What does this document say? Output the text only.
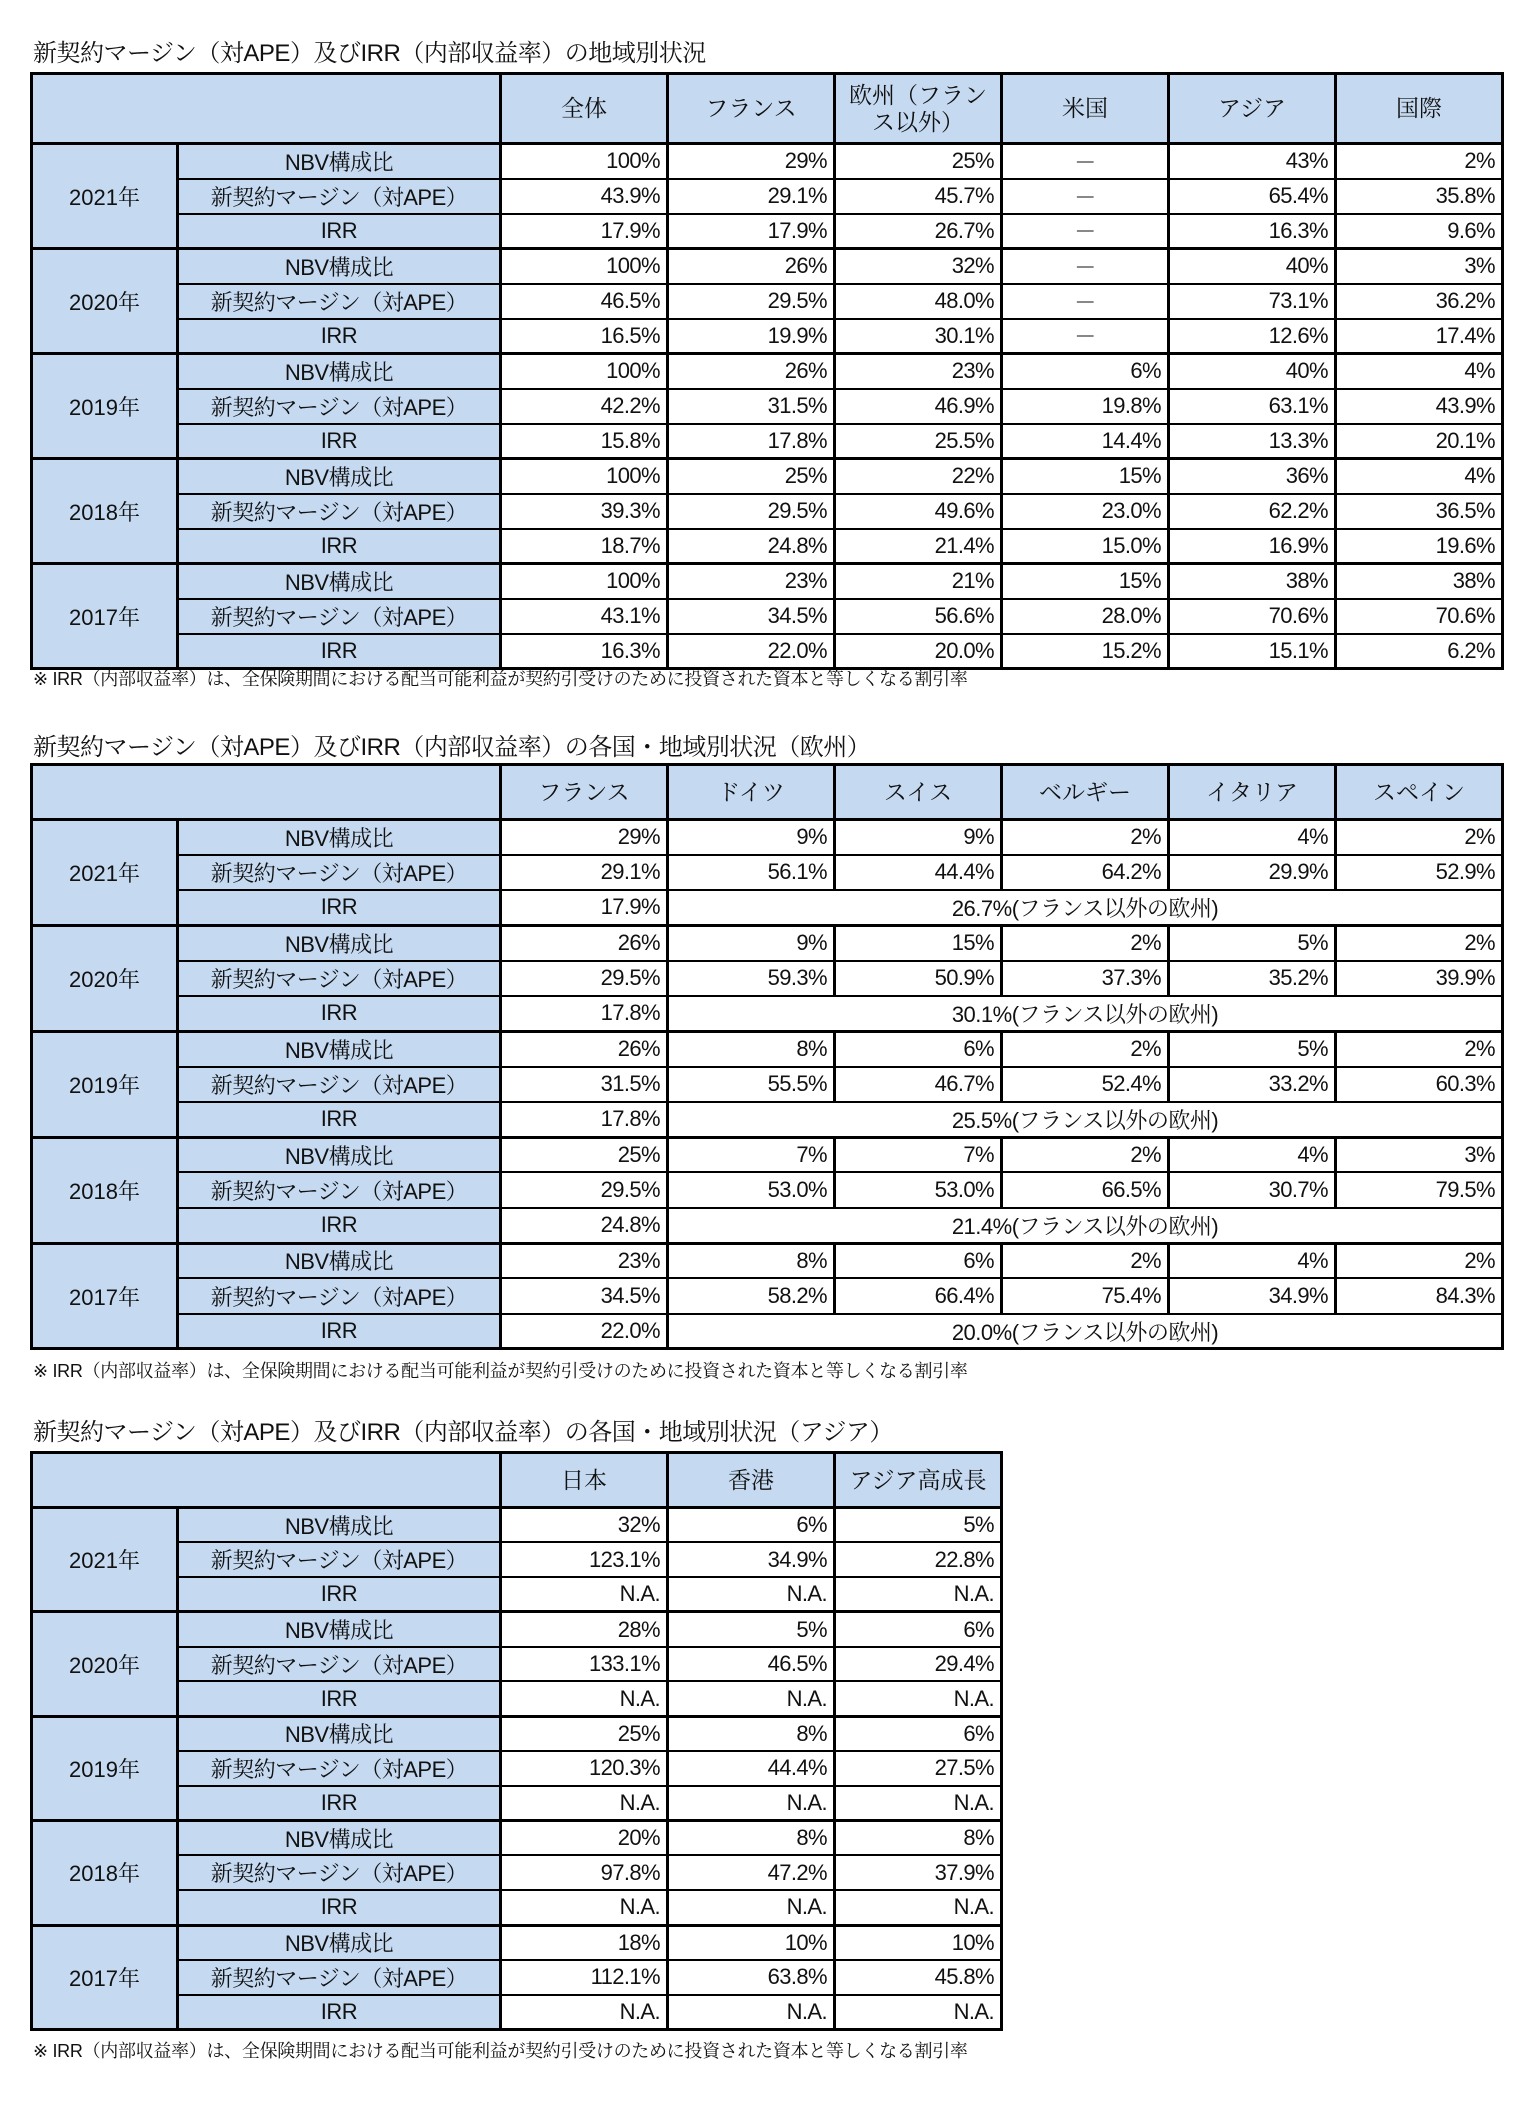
新契約マージン（対APE）及びIRR（内部収益率）の地域別状況
		全体	フランス	欧州（フランス以外）	米国	アジア	国際
2021年	NBV構成比	100%	29%	25%	－	43%	2%
	新契約マージン（対APE）	43.9%	29.1%	45.7%	－	65.4%	35.8%
	IRR	17.9%	17.9%	26.7%	－	16.3%	9.6%
2020年	NBV構成比	100%	26%	32%	－	40%	3%
	新契約マージン（対APE）	46.5%	29.5%	48.0%	－	73.1%	36.2%
	IRR	16.5%	19.9%	30.1%	－	12.6%	17.4%
2019年	NBV構成比	100%	26%	23%	6%	40%	4%
	新契約マージン（対APE）	42.2%	31.5%	46.9%	19.8%	63.1%	43.9%
	IRR	15.8%	17.8%	25.5%	14.4%	13.3%	20.1%
2018年	NBV構成比	100%	25%	22%	15%	36%	4%
	新契約マージン（対APE）	39.3%	29.5%	49.6%	23.0%	62.2%	36.5%
	IRR	18.7%	24.8%	21.4%	15.0%	16.9%	19.6%
2017年	NBV構成比	100%	23%	21%	15%	38%	38%
	新契約マージン（対APE）	43.1%	34.5%	56.6%	28.0%	70.6%	70.6%
	IRR	16.3%	22.0%	20.0%	15.2%	15.1%	6.2%
※ IRR（内部収益率）は、全保険期間における配当可能利益が契約引受けのために投資された資本と等しくなる割引率
新契約マージン（対APE）及びIRR（内部収益率）の各国・地域別状況（欧州）
		フランス	ドイツ	スイス	ベルギー	イタリア	スペイン
2021年	NBV構成比	29%	9%	9%	2%	4%	2%
	新契約マージン（対APE）	29.1%	56.1%	44.4%	64.2%	29.9%	52.9%
	IRR	17.9%	26.7%(フランス以外の欧州)				
2020年	NBV構成比	26%	9%	15%	2%	5%	2%
	新契約マージン（対APE）	29.5%	59.3%	50.9%	37.3%	35.2%	39.9%
	IRR	17.8%	30.1%(フランス以外の欧州)				
2019年	NBV構成比	26%	8%	6%	2%	5%	2%
	新契約マージン（対APE）	31.5%	55.5%	46.7%	52.4%	33.2%	60.3%
	IRR	17.8%	25.5%(フランス以外の欧州)				
2018年	NBV構成比	25%	7%	7%	2%	4%	3%
	新契約マージン（対APE）	29.5%	53.0%	53.0%	66.5%	30.7%	79.5%
	IRR	24.8%	21.4%(フランス以外の欧州)				
2017年	NBV構成比	23%	8%	6%	2%	4%	2%
	新契約マージン（対APE）	34.5%	58.2%	66.4%	75.4%	34.9%	84.3%
	IRR	22.0%	20.0%(フランス以外の欧州)				
※ IRR（内部収益率）は、全保険期間における配当可能利益が契約引受けのために投資された資本と等しくなる割引率
新契約マージン（対APE）及びIRR（内部収益率）の各国・地域別状況（アジア）
		日本	香港	アジア高成長
2021年	NBV構成比	32%	6%	5%
	新契約マージン（対APE）	123.1%	34.9%	22.8%
	IRR	N.A.	N.A.	N.A.
2020年	NBV構成比	28%	5%	6%
	新契約マージン（対APE）	133.1%	46.5%	29.4%
	IRR	N.A.	N.A.	N.A.
2019年	NBV構成比	25%	8%	6%
	新契約マージン（対APE）	120.3%	44.4%	27.5%
	IRR	N.A.	N.A.	N.A.
2018年	NBV構成比	20%	8%	8%
	新契約マージン（対APE）	97.8%	47.2%	37.9%
	IRR	N.A.	N.A.	N.A.
2017年	NBV構成比	18%	10%	10%
	新契約マージン（対APE）	112.1%	63.8%	45.8%
	IRR	N.A.	N.A.	N.A.
※ IRR（内部収益率）は、全保険期間における配当可能利益が契約引受けのために投資された資本と等しくなる割引率
